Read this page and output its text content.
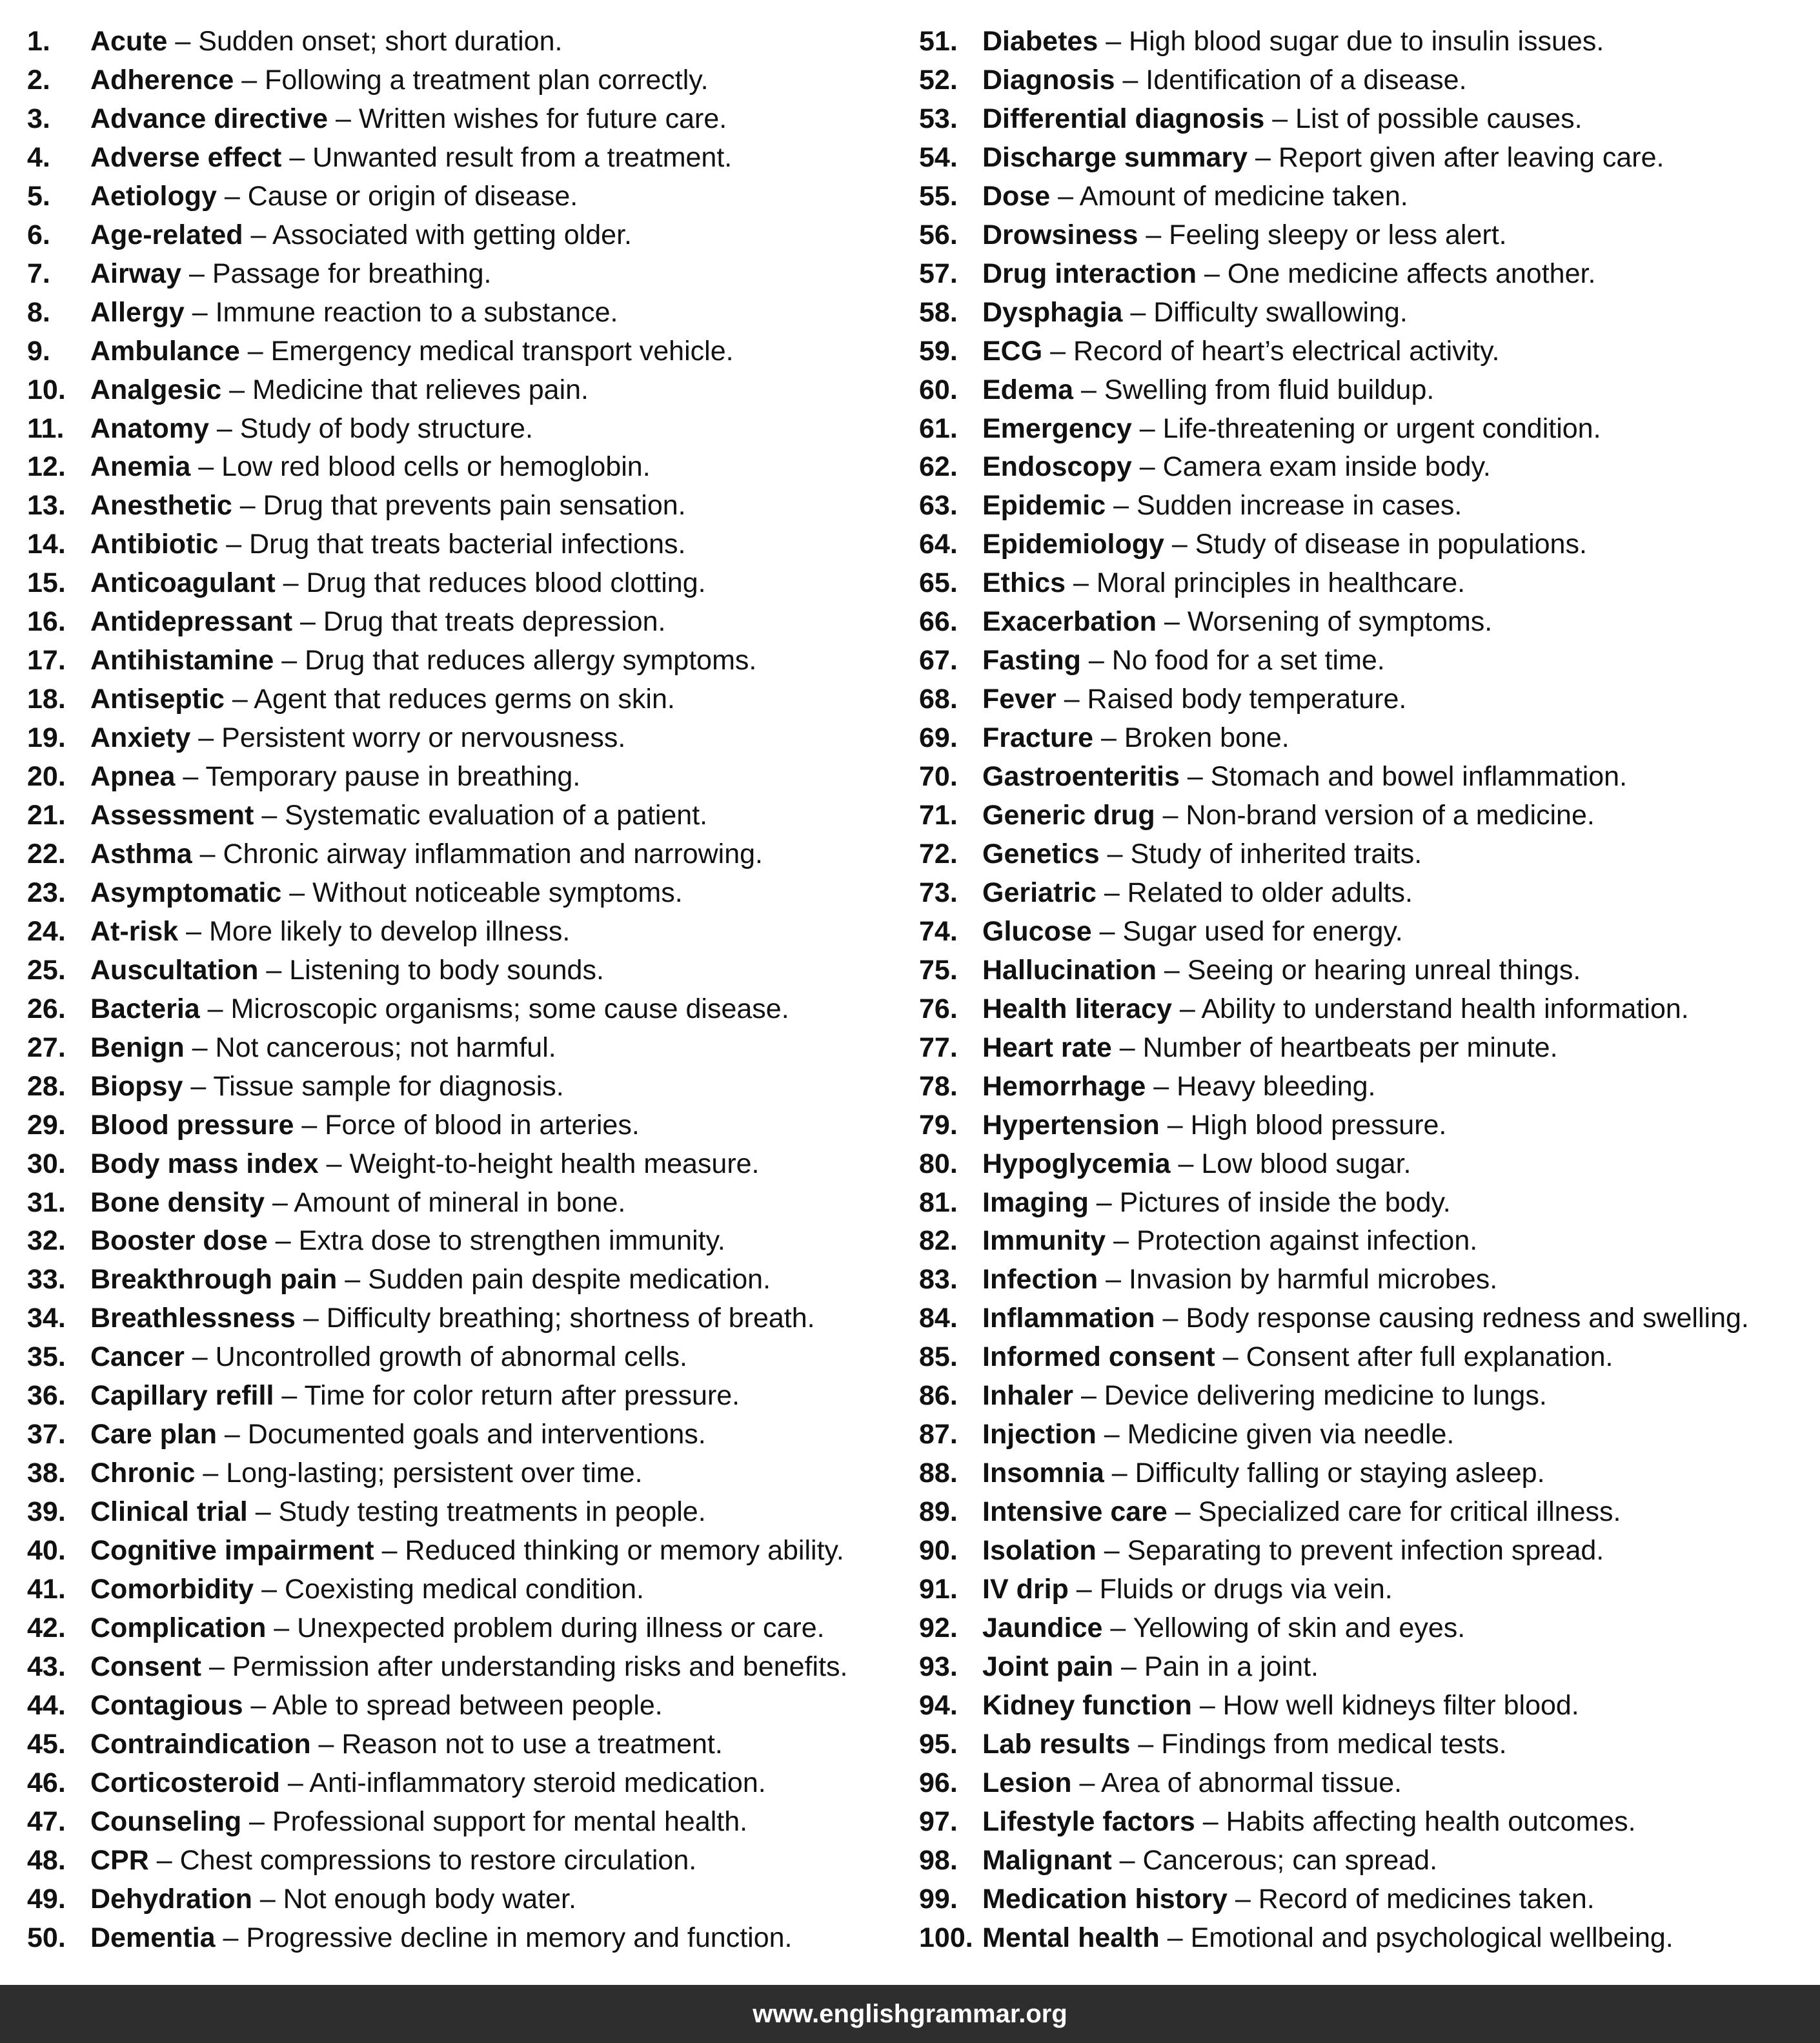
1. Acute – Sudden onset; short duration.
2. Adherence – Following a treatment plan correctly.
3. Advance directive – Written wishes for future care.
4. Adverse effect – Unwanted result from a treatment.
5. Aetiology – Cause or origin of disease.
6. Age-related – Associated with getting older.
7. Airway – Passage for breathing.
8. Allergy – Immune reaction to a substance.
9. Ambulance – Emergency medical transport vehicle.
10. Analgesic – Medicine that relieves pain.
11. Anatomy – Study of body structure.
12. Anemia – Low red blood cells or hemoglobin.
13. Anesthetic – Drug that prevents pain sensation.
14. Antibiotic – Drug that treats bacterial infections.
15. Anticoagulant – Drug that reduces blood clotting.
16. Antidepressant – Drug that treats depression.
17. Antihistamine – Drug that reduces allergy symptoms.
18. Antiseptic – Agent that reduces germs on skin.
19. Anxiety – Persistent worry or nervousness.
20. Apnea – Temporary pause in breathing.
21. Assessment – Systematic evaluation of a patient.
22. Asthma – Chronic airway inflammation and narrowing.
23. Asymptomatic – Without noticeable symptoms.
24. At-risk – More likely to develop illness.
25. Auscultation – Listening to body sounds.
26. Bacteria – Microscopic organisms; some cause disease.
27. Benign – Not cancerous; not harmful.
28. Biopsy – Tissue sample for diagnosis.
29. Blood pressure – Force of blood in arteries.
30. Body mass index – Weight-to-height health measure.
31. Bone density – Amount of mineral in bone.
32. Booster dose – Extra dose to strengthen immunity.
33. Breakthrough pain – Sudden pain despite medication.
34. Breathlessness – Difficulty breathing; shortness of breath.
35. Cancer – Uncontrolled growth of abnormal cells.
36. Capillary refill – Time for color return after pressure.
37. Care plan – Documented goals and interventions.
38. Chronic – Long-lasting; persistent over time.
39. Clinical trial – Study testing treatments in people.
40. Cognitive impairment – Reduced thinking or memory ability.
41. Comorbidity – Coexisting medical condition.
42. Complication – Unexpected problem during illness or care.
43. Consent – Permission after understanding risks and benefits.
44. Contagious – Able to spread between people.
45. Contraindication – Reason not to use a treatment.
46. Corticosteroid – Anti-inflammatory steroid medication.
47. Counseling – Professional support for mental health.
48. CPR – Chest compressions to restore circulation.
49. Dehydration – Not enough body water.
50. Dementia – Progressive decline in memory and function.
51. Diabetes – High blood sugar due to insulin issues.
52. Diagnosis – Identification of a disease.
53. Differential diagnosis – List of possible causes.
54. Discharge summary – Report given after leaving care.
55. Dose – Amount of medicine taken.
56. Drowsiness – Feeling sleepy or less alert.
57. Drug interaction – One medicine affects another.
58. Dysphagia – Difficulty swallowing.
59. ECG – Record of heart’s electrical activity.
60. Edema – Swelling from fluid buildup.
61. Emergency – Life-threatening or urgent condition.
62. Endoscopy – Camera exam inside body.
63. Epidemic – Sudden increase in cases.
64. Epidemiology – Study of disease in populations.
65. Ethics – Moral principles in healthcare.
66. Exacerbation – Worsening of symptoms.
67. Fasting – No food for a set time.
68. Fever – Raised body temperature.
69. Fracture – Broken bone.
70. Gastroenteritis – Stomach and bowel inflammation.
71. Generic drug – Non-brand version of a medicine.
72. Genetics – Study of inherited traits.
73. Geriatric – Related to older adults.
74. Glucose – Sugar used for energy.
75. Hallucination – Seeing or hearing unreal things.
76. Health literacy – Ability to understand health information.
77. Heart rate – Number of heartbeats per minute.
78. Hemorrhage – Heavy bleeding.
79. Hypertension – High blood pressure.
80. Hypoglycemia – Low blood sugar.
81. Imaging – Pictures of inside the body.
82. Immunity – Protection against infection.
83. Infection – Invasion by harmful microbes.
84. Inflammation – Body response causing redness and swelling.
85. Informed consent – Consent after full explanation.
86. Inhaler – Device delivering medicine to lungs.
87. Injection – Medicine given via needle.
88. Insomnia – Difficulty falling or staying asleep.
89. Intensive care – Specialized care for critical illness.
90. Isolation – Separating to prevent infection spread.
91. IV drip – Fluids or drugs via vein.
92. Jaundice – Yellowing of skin and eyes.
93. Joint pain – Pain in a joint.
94. Kidney function – How well kidneys filter blood.
95. Lab results – Findings from medical tests.
96. Lesion – Area of abnormal tissue.
97. Lifestyle factors – Habits affecting health outcomes.
98. Malignant – Cancerous; can spread.
99. Medication history – Record of medicines taken.
100. Mental health – Emotional and psychological wellbeing.
www.englishgrammar.org
